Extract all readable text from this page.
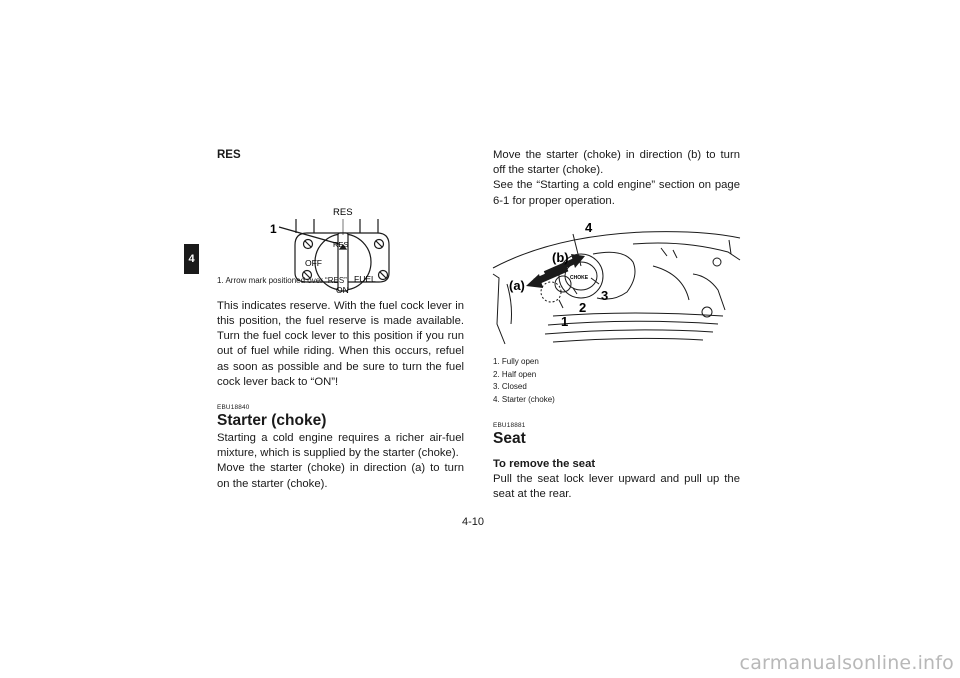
4
RES
RES
1
RES
OFF
FUEL
ON

1. Arrow mark positioned over “RES”

This indicates reserve. With the fuel cock lever in this position, the fuel reserve is made available. Turn the fuel cock lever to this position if you run out of fuel while riding. When this occurs, refuel as soon as possible and be sure to turn the fuel cock lever back to “ON”!

EBU18840

Starter (choke)

Starting a cold engine requires a richer air-fuel mixture, which is supplied by the starter (choke).

Move the starter (choke) in direction (a) to turn on the starter (choke).

Move the starter (choke) in direction (b) to turn off the starter (choke).

See the “Starting a cold engine” section on page 6-1 for proper operation.

CHOKE
(b)
(a)
4
3
2
1

1. Fully open

2. Half open

3. Closed

4. Starter (choke)

EBU18881

Seat
To remove the seat

Pull the seat lock lever upward and pull up the seat at the rear.

4-10
carmanualsonline.info
